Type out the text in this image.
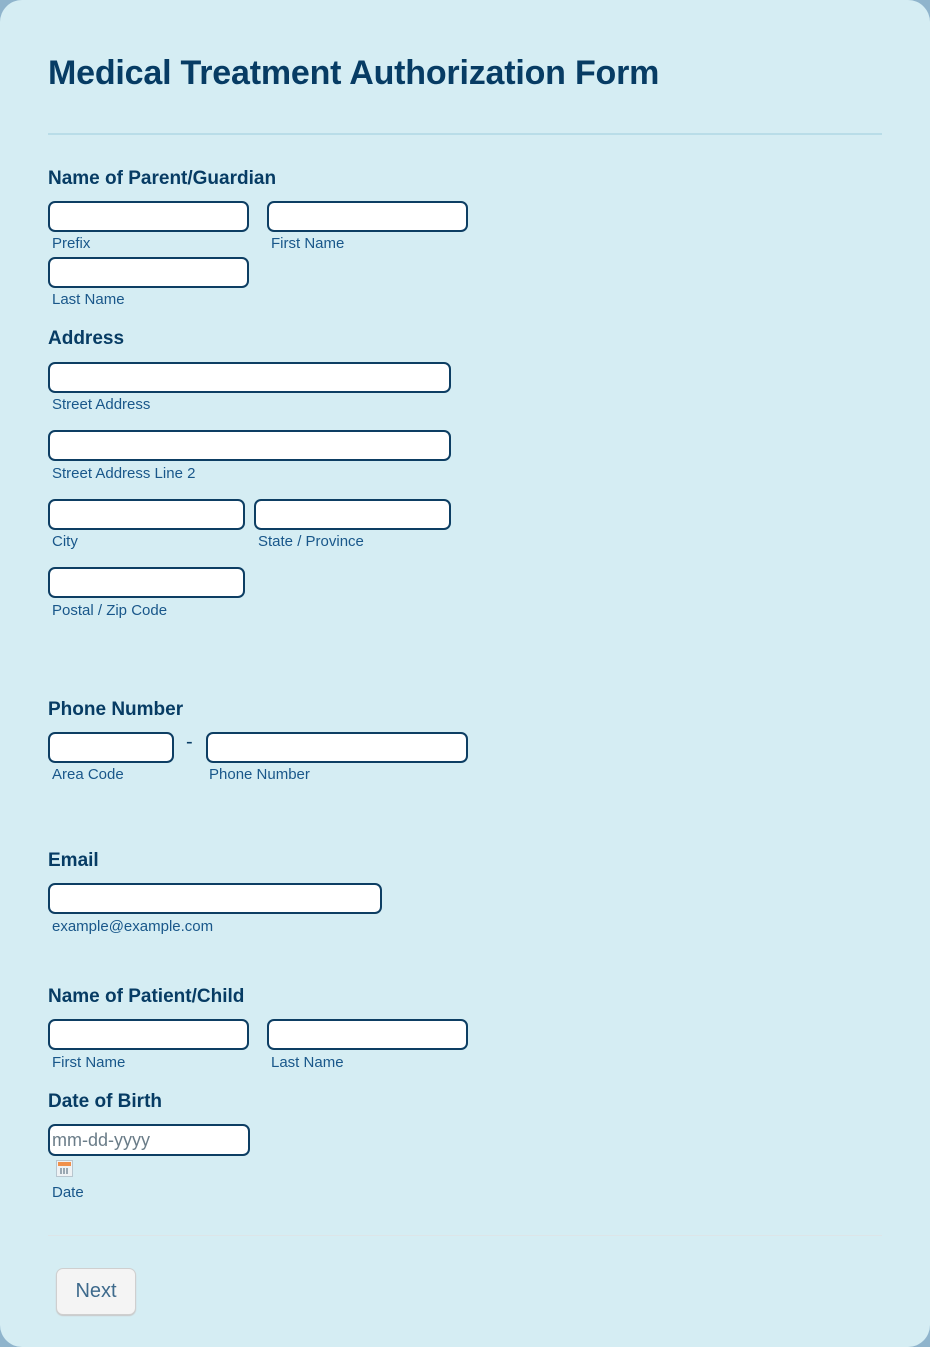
Medical Treatment Authorization Form
Name of Parent/Guardian
Prefix	First Name
Last Name
Address
Street Address
Street Address Line 2
City	State / Province
Postal / Zip Code
Phone Number
-
Area Code	Phone Number
Email
example@example.com
Name of Patient/Child
First Name	Last Name
Date of Birth
mm-dd-yyyy
Date
Next
